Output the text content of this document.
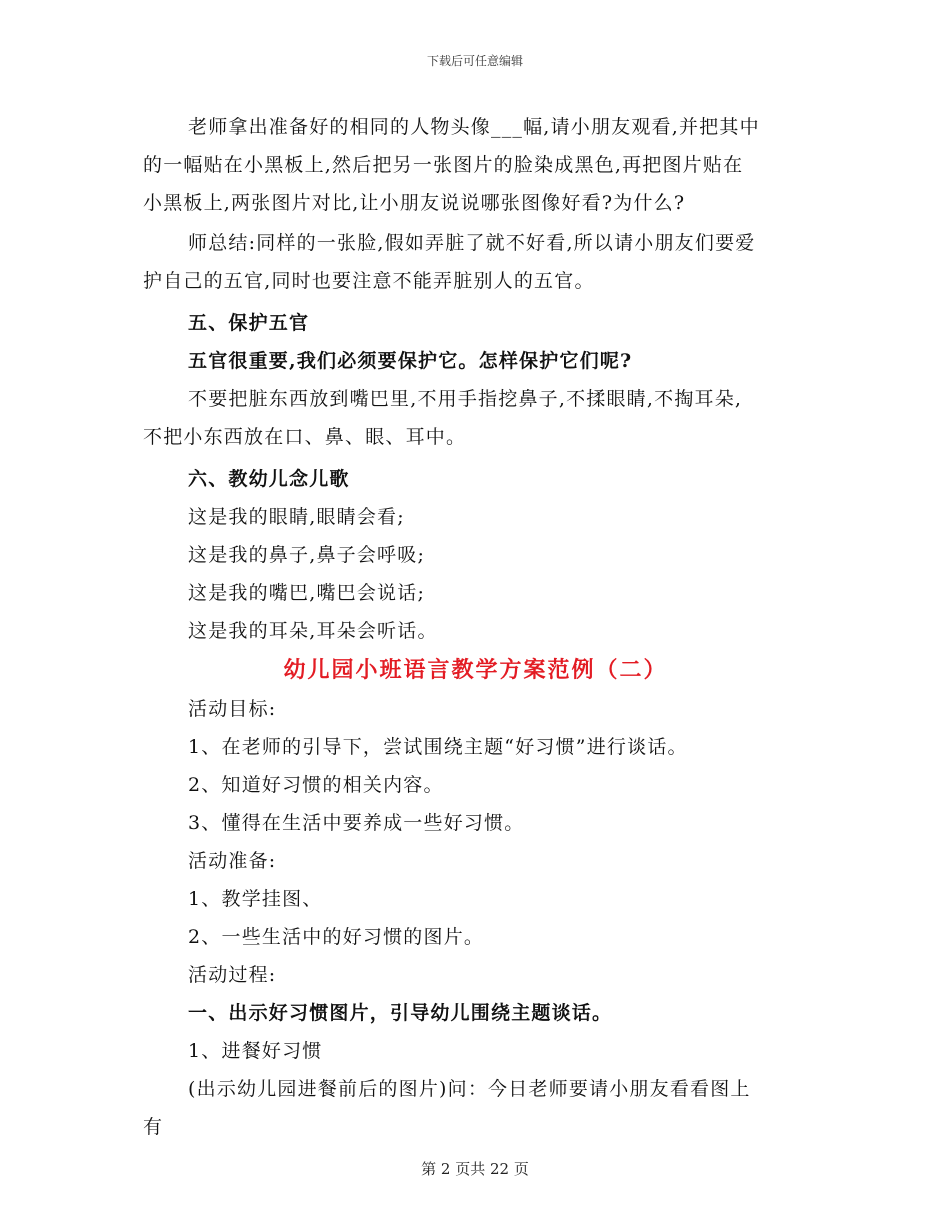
下载后可任意编辑
老师拿出准备好的相同的人物头像___幅,请小朋友观看,并把其中
的一幅贴在小黑板上,然后把另一张图片的脸染成黑色,再把图片贴在
小黑板上,两张图片对比,让小朋友说说哪张图像好看?为什么?
师总结:同样的一张脸,假如弄脏了就不好看,所以请小朋友们要爱
护自己的五官,同时也要注意不能弄脏别人的五官。
五、保护五官
五官很重要,我们必须要保护它。怎样保护它们呢?
不要把脏东西放到嘴巴里,不用手指挖鼻子,不揉眼睛,不掏耳朵,
不把小东西放在口、鼻、眼、耳中。
六、教幼儿念儿歌
这是我的眼睛,眼睛会看;
这是我的鼻子,鼻子会呼吸;
这是我的嘴巴,嘴巴会说话;
这是我的耳朵,耳朵会听话。
幼儿园小班语言教学方案范例（二）
活动目标:
1、在老师的引导下，尝试围绕主题“好习惯”进行谈话。
2、知道好习惯的相关内容。
3、懂得在生活中要养成一些好习惯。
活动准备:
1、教学挂图、
2、一些生活中的好习惯的图片。
活动过程:
一、出示好习惯图片，引导幼儿围绕主题谈话。
1、进餐好习惯
(出示幼儿园进餐前后的图片)问：今日老师要请小朋友看看图上
有
第 2 页共 22 页
